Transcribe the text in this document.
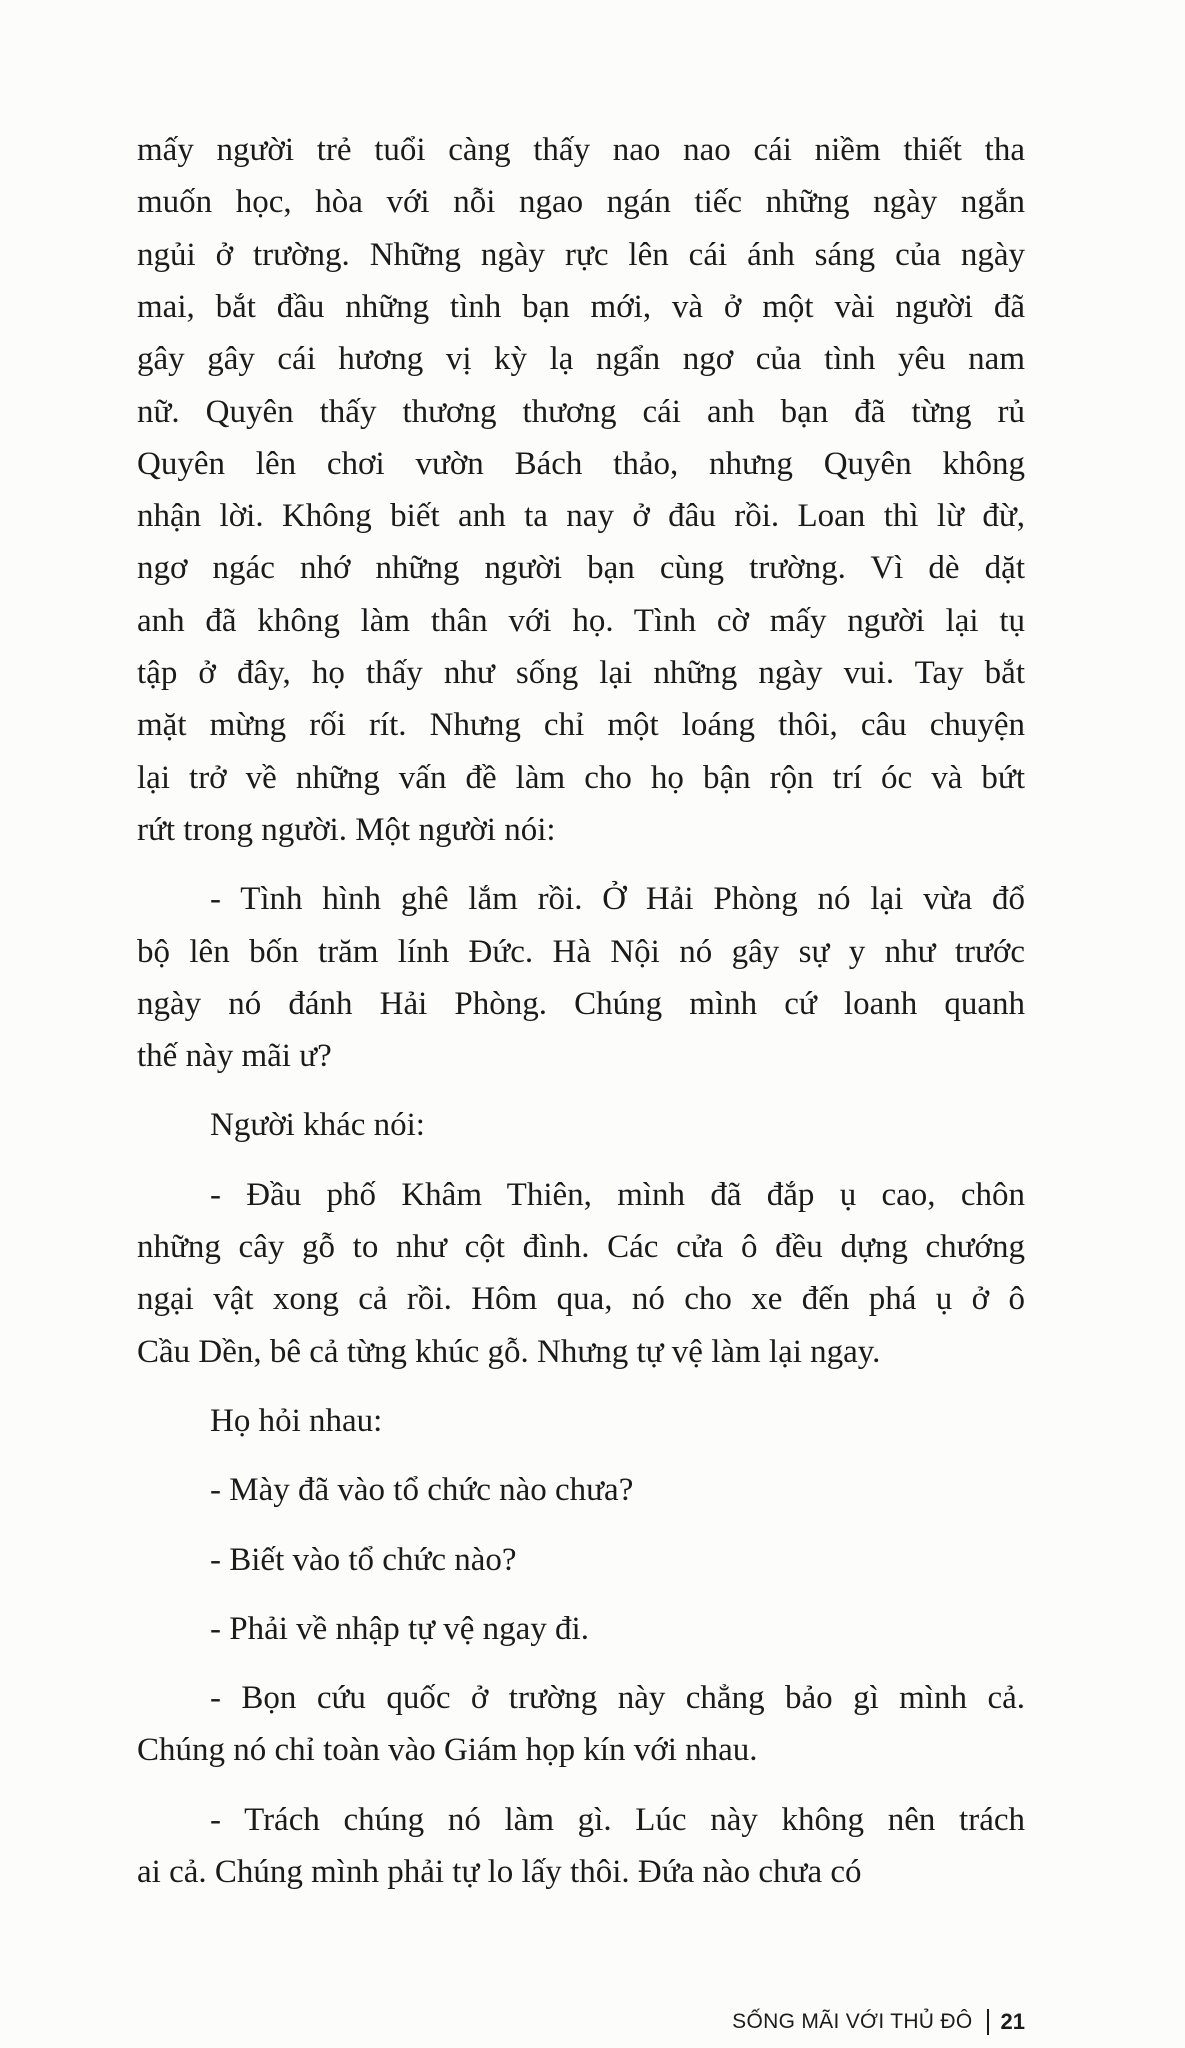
mấy người trẻ tuổi càng thấy nao nao cái niềm thiết tha
muốn học, hòa với nỗi ngao ngán tiếc những ngày ngắn
ngủi ở trường. Những ngày rực lên cái ánh sáng của ngày
mai, bắt đầu những tình bạn mới, và ở một vài người đã
gây gây cái hương vị kỳ lạ ngẩn ngơ của tình yêu nam
nữ. Quyên thấy thương thương cái anh bạn đã từng rủ
Quyên lên chơi vườn Bách thảo, nhưng Quyên không
nhận lời. Không biết anh ta nay ở đâu rồi. Loan thì lừ đừ,
ngơ ngác nhớ những người bạn cùng trường. Vì dè dặt
anh đã không làm thân với họ. Tình cờ mấy người lại tụ
tập ở đây, họ thấy như sống lại những ngày vui. Tay bắt
mặt mừng rối rít. Nhưng chỉ một loáng thôi, câu chuyện
lại trở về những vấn đề làm cho họ bận rộn trí óc và bứt
rứt trong người. Một người nói:
- Tình hình ghê lắm rồi. Ở Hải Phòng nó lại vừa đổ
bộ lên bốn trăm lính Đức. Hà Nội nó gây sự y như trước
ngày nó đánh Hải Phòng. Chúng mình cứ loanh quanh
thế này mãi ư?
Người khác nói:
- Đầu phố Khâm Thiên, mình đã đắp ụ cao, chôn
những cây gỗ to như cột đình. Các cửa ô đều dựng chướng
ngại vật xong cả rồi. Hôm qua, nó cho xe đến phá ụ ở ô
Cầu Dền, bê cả từng khúc gỗ. Nhưng tự vệ làm lại ngay.
Họ hỏi nhau:
- Mày đã vào tổ chức nào chưa?
- Biết vào tổ chức nào?
- Phải về nhập tự vệ ngay đi.
- Bọn cứu quốc ở trường này chẳng bảo gì mình cả.
Chúng nó chỉ toàn vào Giám họp kín với nhau.
- Trách chúng nó làm gì. Lúc này không nên trách
ai cả. Chúng mình phải tự lo lấy thôi. Đứa nào chưa có
SỐNG MÃI VỚI THỦ ĐÔ 21
